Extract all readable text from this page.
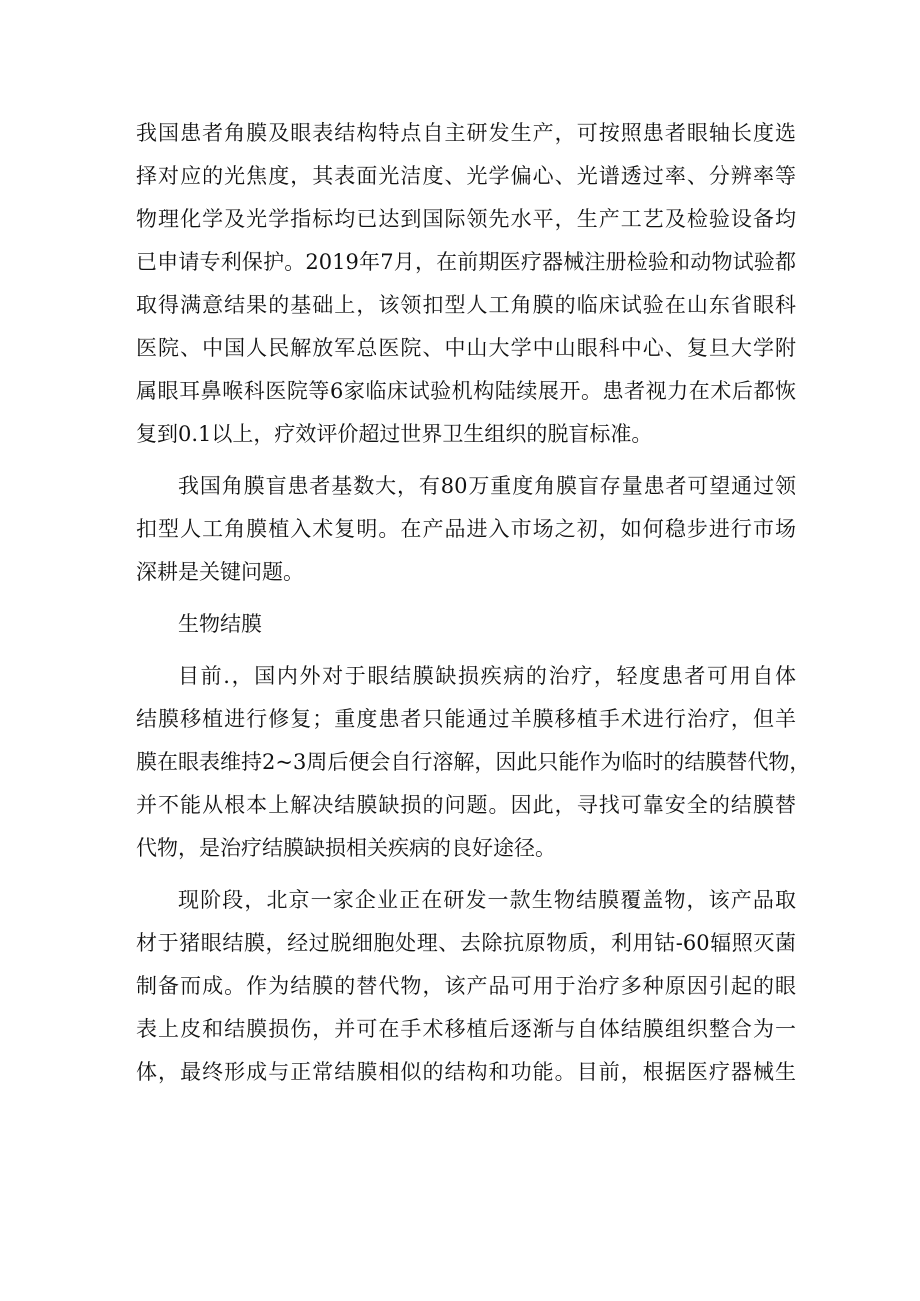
我国患者角膜及眼表结构特点自主研发生产，可按照患者眼轴长度选
择对应的光焦度，其表面光洁度、光学偏心、光谱透过率、分辨率等
物理化学及光学指标均已达到国际领先水平，生产工艺及检验设备均
已申请专利保护。2019年7月，在前期医疗器械注册检验和动物试验都
取得满意结果的基础上，该领扣型人工角膜的临床试验在山东省眼科
医院、中国人民解放军总医院、中山大学中山眼科中心、复旦大学附
属眼耳鼻喉科医院等6家临床试验机构陆续展开。患者视力在术后都恢
复到0.1以上，疗效评价超过世界卫生组织的脱盲标准。
我国角膜盲患者基数大，有80万重度角膜盲存量患者可望通过领
扣型人工角膜植入术复明。在产品进入市场之初，如何稳步进行市场
深耕是关键问题。
生物结膜
目前.，国内外对于眼结膜缺损疾病的治疗，轻度患者可用自体
结膜移植进行修复；重度患者只能通过羊膜移植手术进行治疗，但羊
膜在眼表维持2~3周后便会自行溶解，因此只能作为临时的结膜替代物，
并不能从根本上解决结膜缺损的问题。因此，寻找可靠安全的结膜替
代物，是治疗结膜缺损相关疾病的良好途径。
现阶段，北京一家企业正在研发一款生物结膜覆盖物，该产品取
材于猪眼结膜，经过脱细胞处理、去除抗原物质，利用钴-60辐照灭菌
制备而成。作为结膜的替代物，该产品可用于治疗多种原因引起的眼
表上皮和结膜损伤，并可在手术移植后逐渐与自体结膜组织整合为一
体，最终形成与正常结膜相似的结构和功能。目前，根据医疗器械生
